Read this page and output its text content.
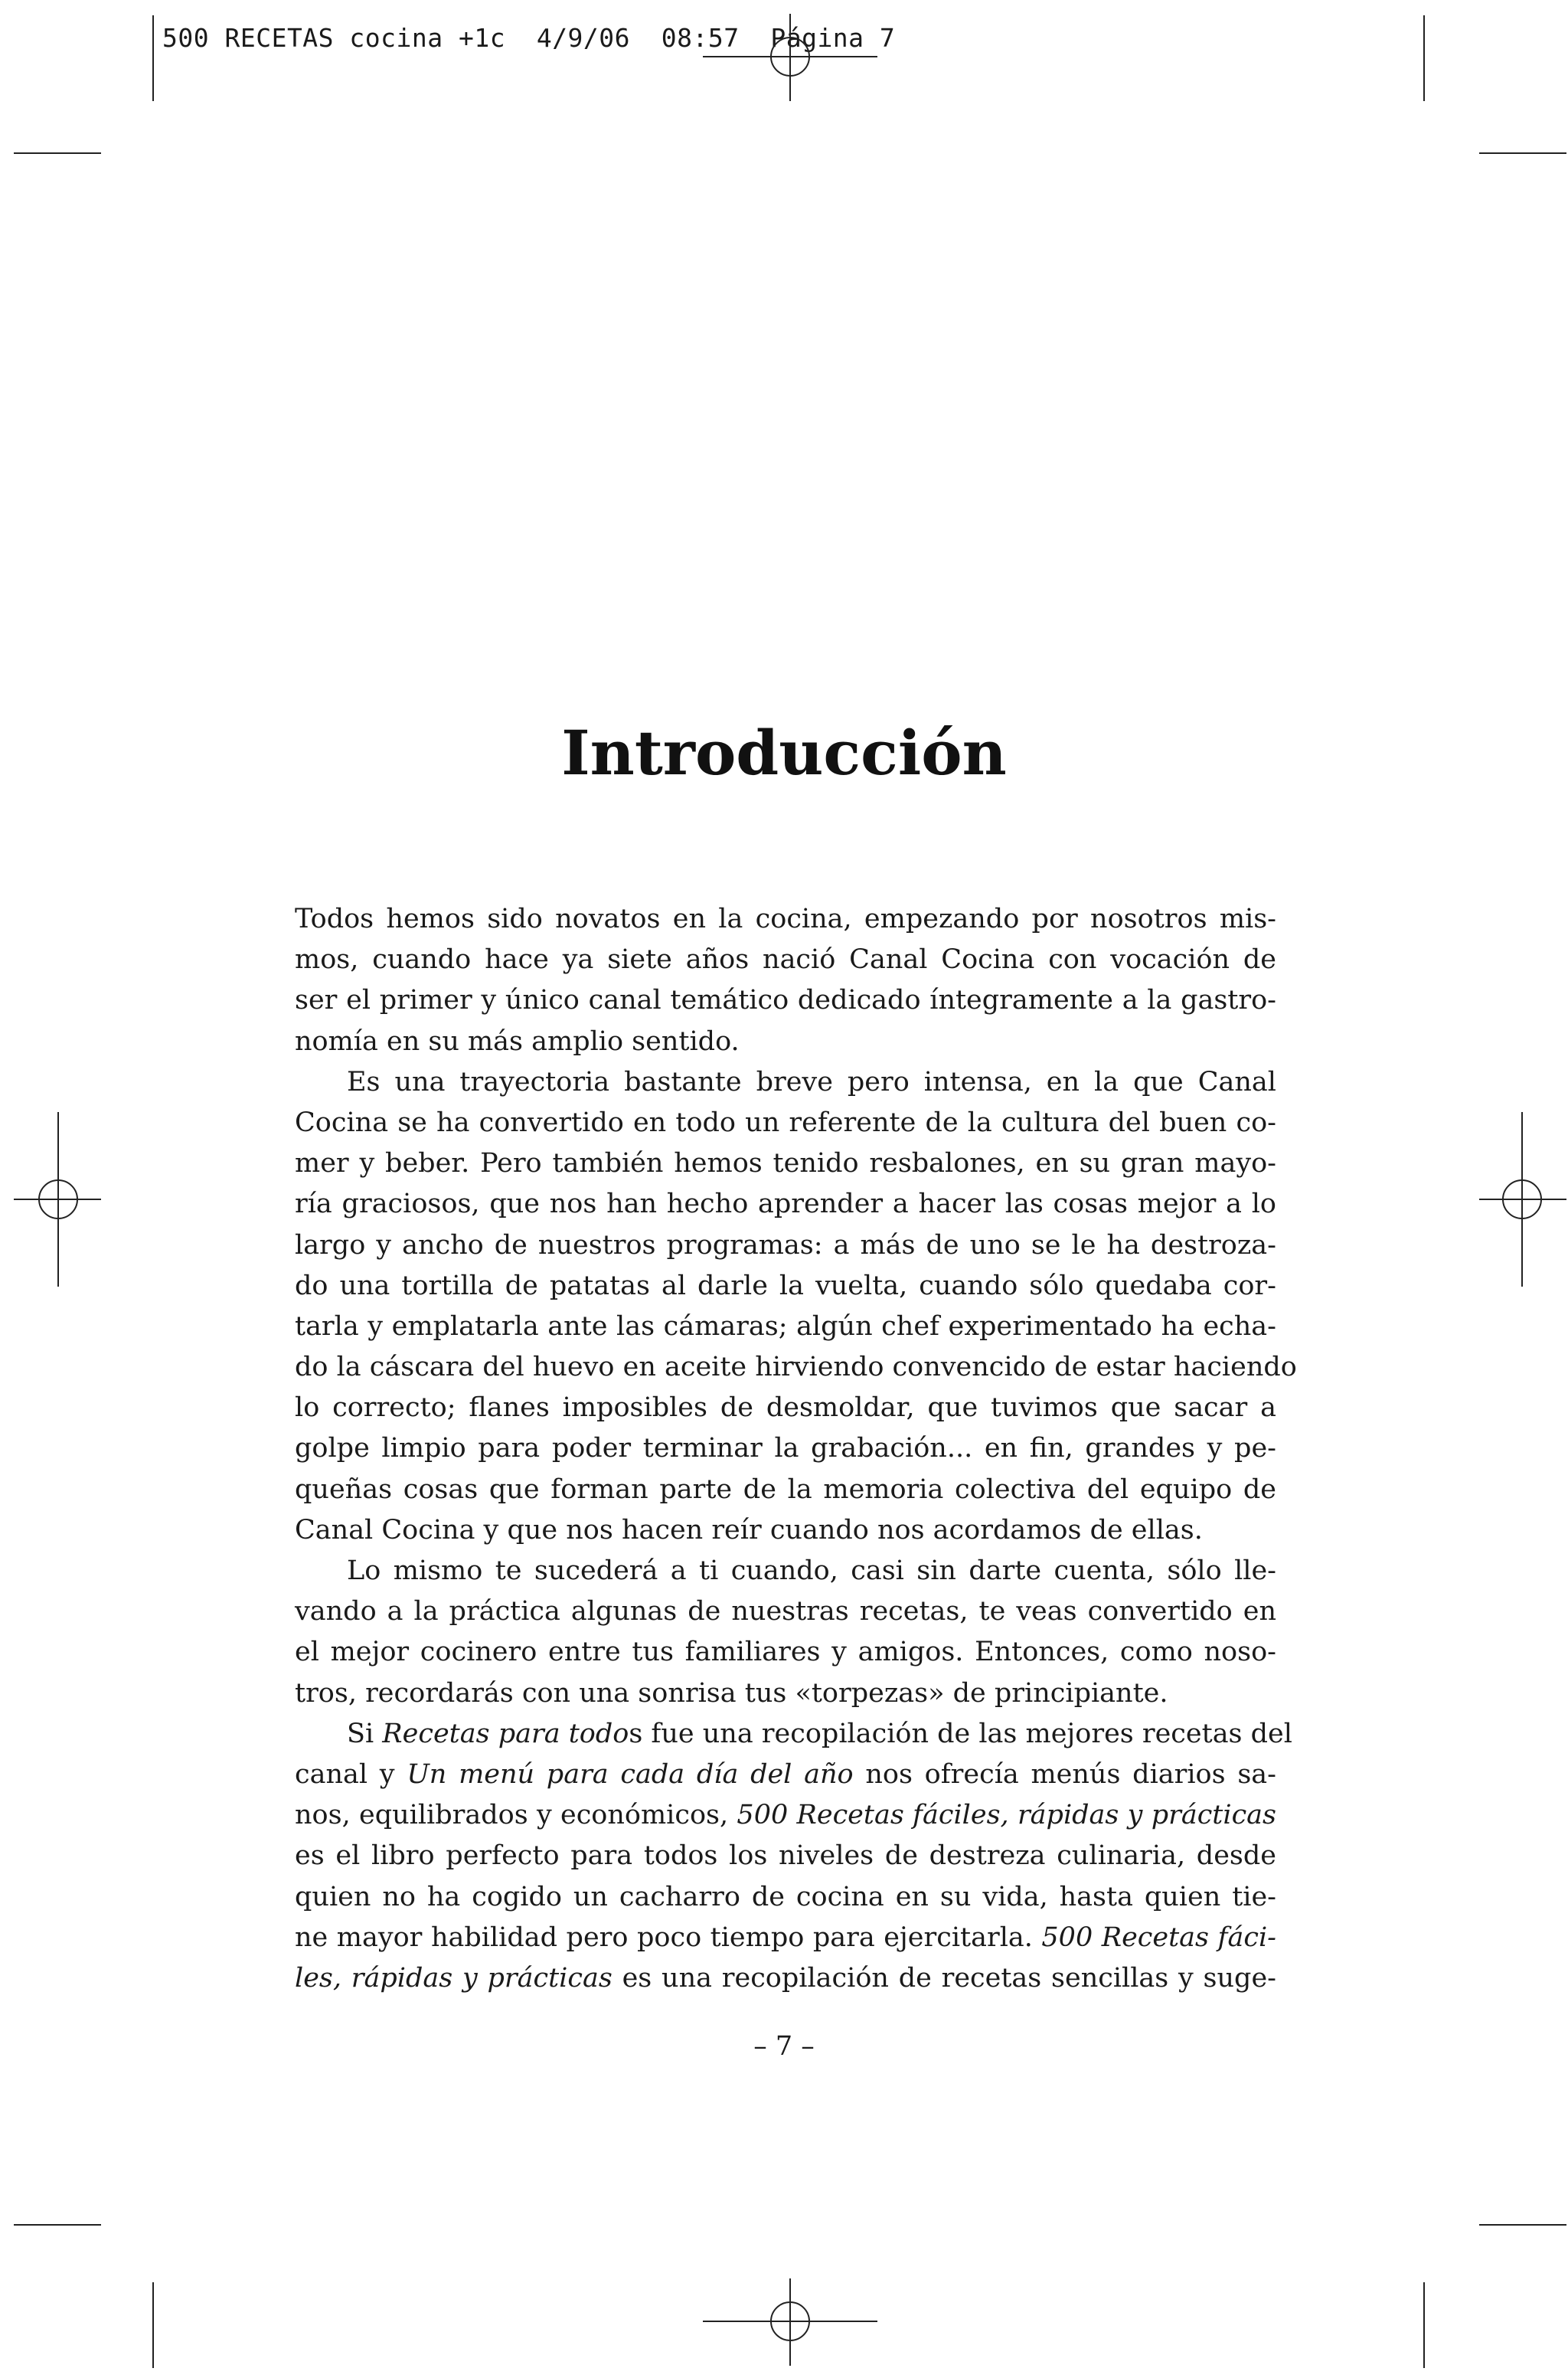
500 RECETAS cocina +1c  4/9/06  08:57  Página 7
Introducción
Todos hemos sido novatos en la cocina, empezando por nosotros mis-
mos, cuando hace ya siete años nació Canal Cocina con vocación de
ser el primer y único canal temático dedicado íntegramente a la gastro-
nomía en su más amplio sentido.
Es una trayectoria bastante breve pero intensa, en la que Canal
Cocina se ha convertido en todo un referente de la cultura del buen co-
mer y beber. Pero también hemos tenido resbalones, en su gran mayo-
ría graciosos, que nos han hecho aprender a hacer las cosas mejor a lo
largo y ancho de nuestros programas: a más de uno se le ha destroza-
do una tortilla de patatas al darle la vuelta, cuando sólo quedaba cor-
tarla y emplatarla ante las cámaras; algún chef experimentado ha echa-
do la cáscara del huevo en aceite hirviendo convencido de estar haciendo
lo correcto; flanes imposibles de desmoldar, que tuvimos que sacar a
golpe limpio para poder terminar la grabación... en fin, grandes y pe-
queñas cosas que forman parte de la memoria colectiva del equipo de
Canal Cocina y que nos hacen reír cuando nos acordamos de ellas.
Lo mismo te sucederá a ti cuando, casi sin darte cuenta, sólo lle-
vando a la práctica algunas de nuestras recetas, te veas convertido en
el mejor cocinero entre tus familiares y amigos. Entonces, como noso-
tros, recordarás con una sonrisa tus «torpezas» de principiante.
Si Recetas para todos fue una recopilación de las mejores recetas del
canal y Un menú para cada día del año nos ofrecía menús diarios sa-
nos, equilibrados y económicos, 500 Recetas fáciles, rápidas y prácticas
es el libro perfecto para todos los niveles de destreza culinaria, desde
quien no ha cogido un cacharro de cocina en su vida, hasta quien tie-
ne mayor habilidad pero poco tiempo para ejercitarla. 500 Recetas fáci-
les, rápidas y prácticas es una recopilación de recetas sencillas y suge-
– 7 –
